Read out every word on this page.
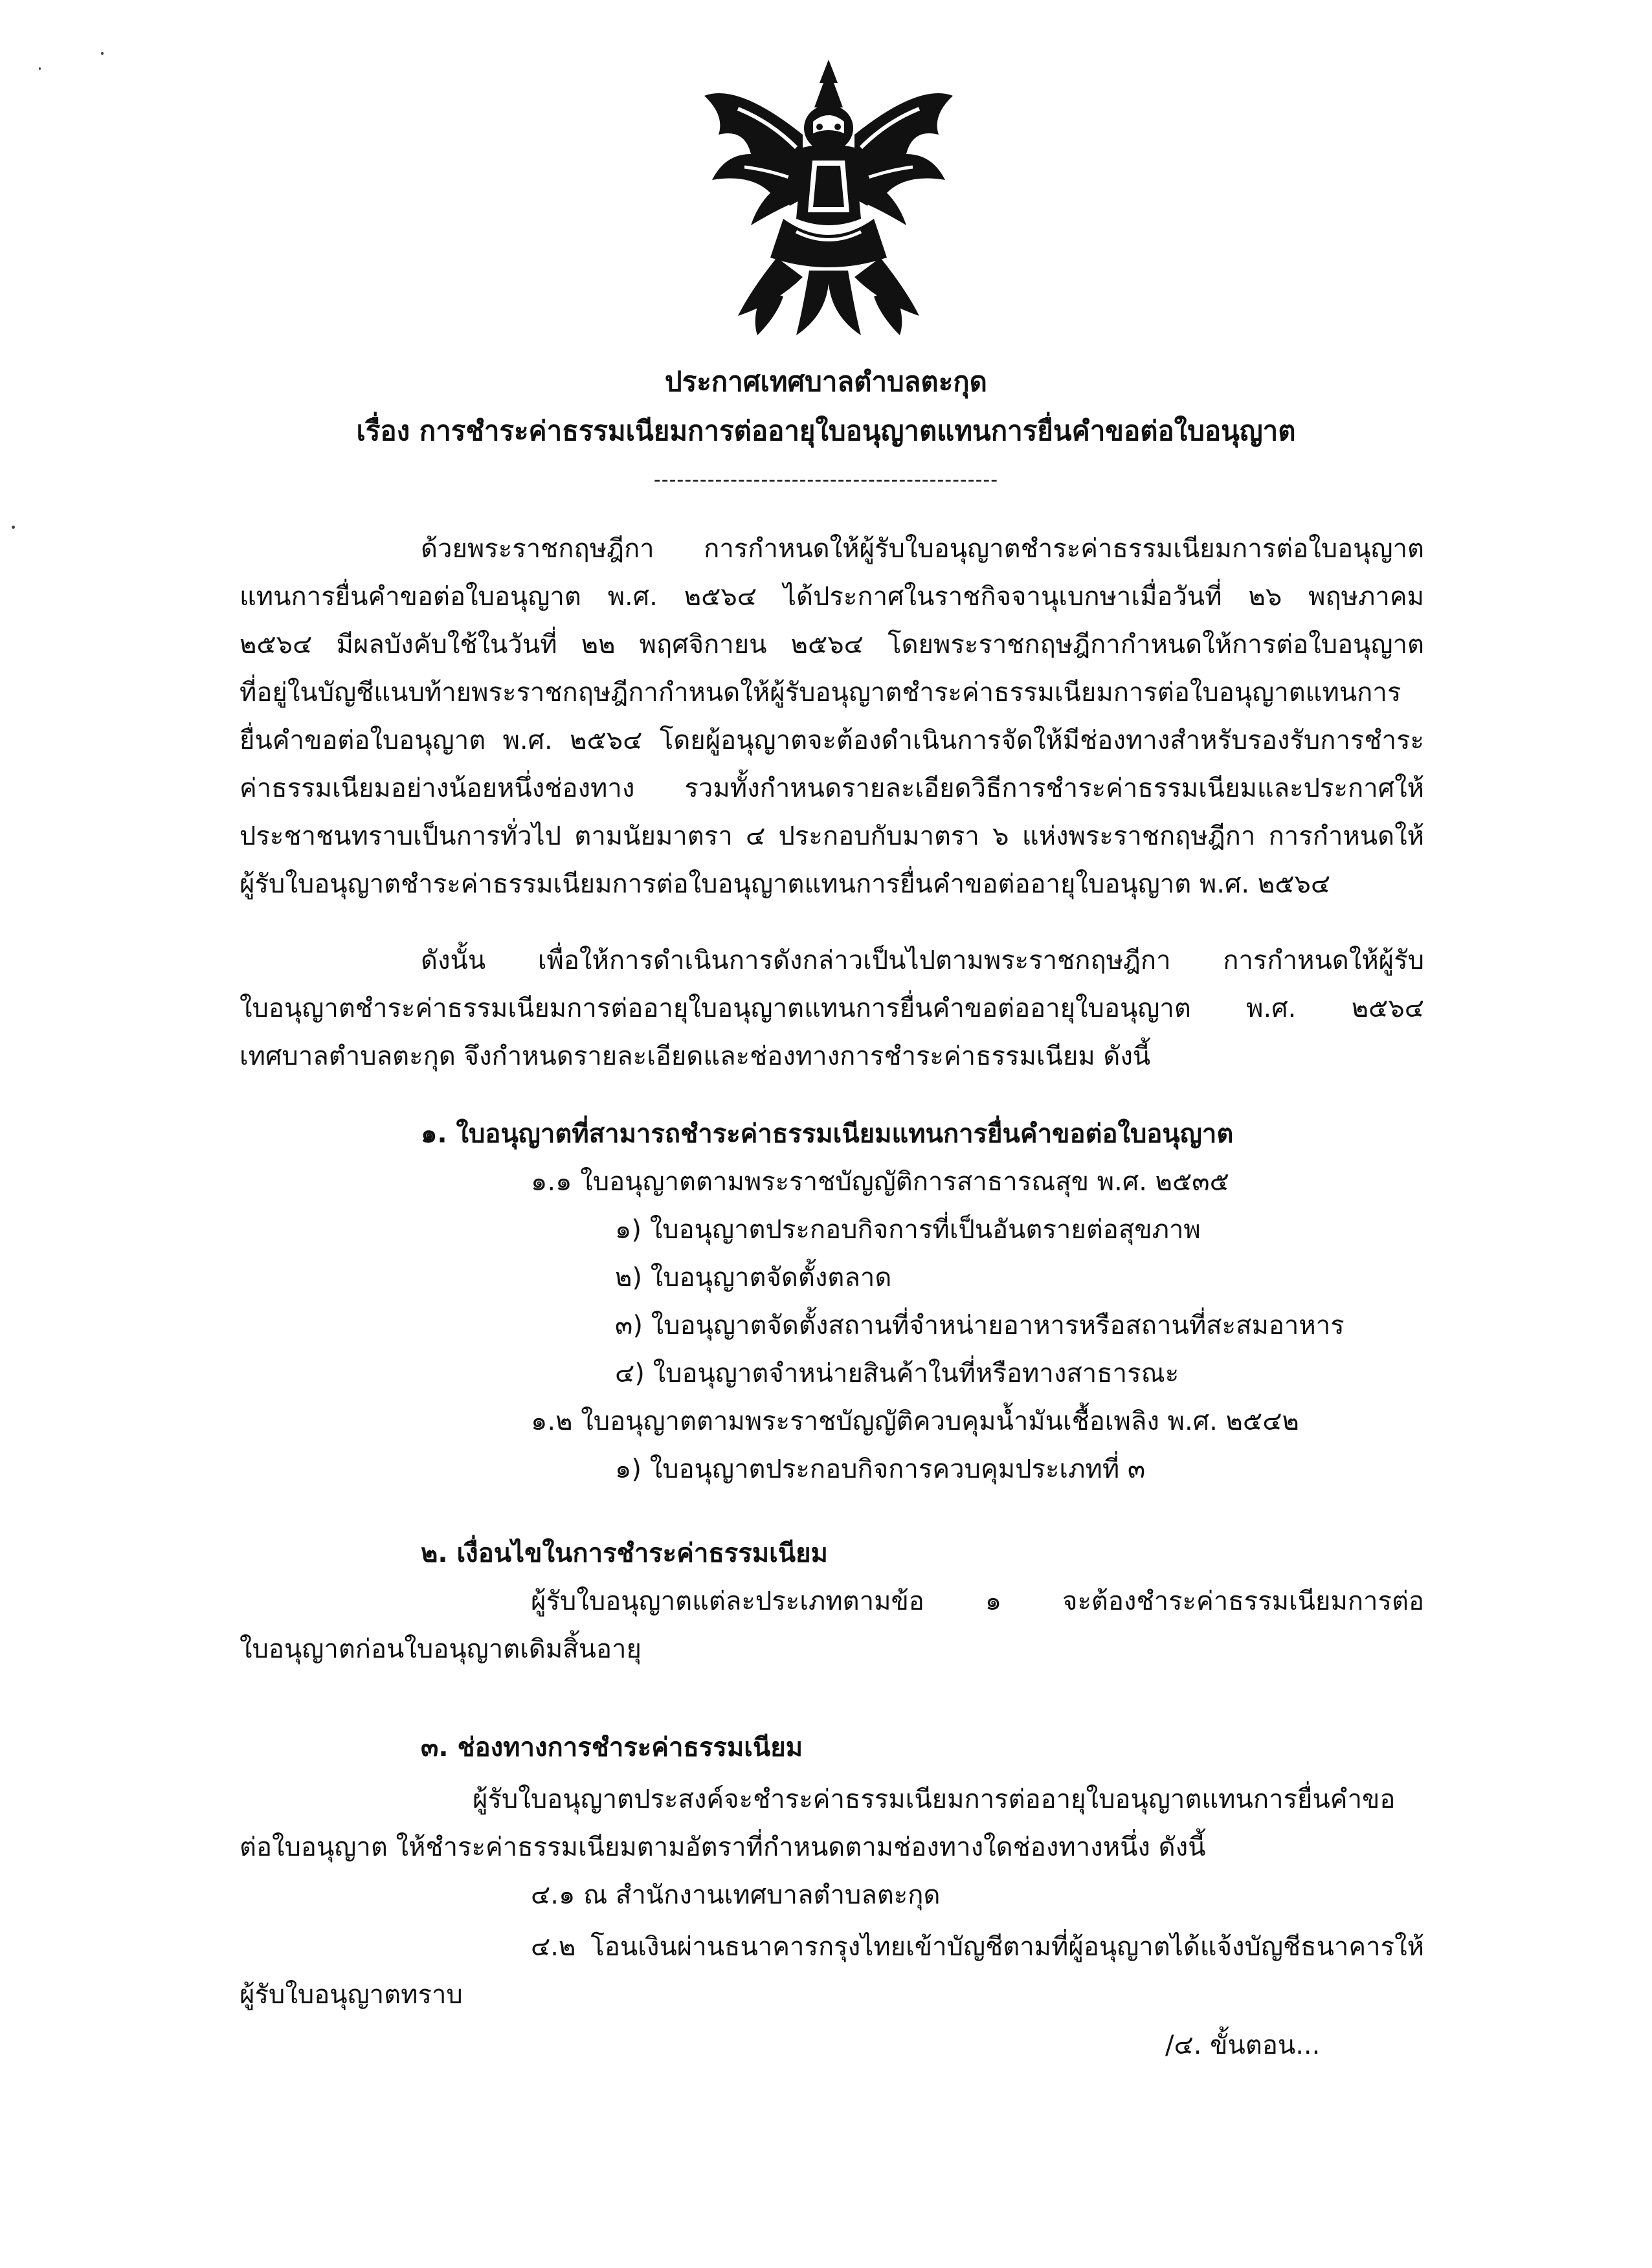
ประกาศเทศบาลตำบลตะกุด
เรื่อง การชำระค่าธรรมเนียมการต่ออายุใบอนุญาตแทนการยื่นคำขอต่อใบอนุญาต
---------------------------------------------
ด้วยพระราชกฤษฎีกา การกำหนดให้ผู้รับใบอนุญาตชำระค่าธรรมเนียมการต่อใบอนุญาต
แทนการยื่นคำขอต่อใบอนุญาต พ.ศ. ๒๕๖๔ ได้ประกาศในราชกิจจานุเบกษาเมื่อวันที่ ๒๖ พฤษภาคม
๒๕๖๔ มีผลบังคับใช้ในวันที่ ๒๒ พฤศจิกายน ๒๕๖๔ โดยพระราชกฤษฎีกากำหนดให้การต่อใบอนุญาต
ที่อยู่ในบัญชีแนบท้ายพระราชกฤษฎีกากำหนดให้ผู้รับอนุญาตชำระค่าธรรมเนียมการต่อใบอนุญาตแทนการ
ยื่นคำขอต่อใบอนุญาต พ.ศ. ๒๕๖๔ โดยผู้อนุญาตจะต้องดำเนินการจัดให้มีช่องทางสำหรับรองรับการชำระ
ค่าธรรมเนียมอย่างน้อยหนึ่งช่องทาง รวมทั้งกำหนดรายละเอียดวิธีการชำระค่าธรรมเนียมและประกาศให้
ประชาชนทราบเป็นการทั่วไป ตามนัยมาตรา ๔ ประกอบกับมาตรา ๖ แห่งพระราชกฤษฎีกา การกำหนดให้
ผู้รับใบอนุญาตชำระค่าธรรมเนียมการต่อใบอนุญาตแทนการยื่นคำขอต่ออายุใบอนุญาต พ.ศ. ๒๕๖๔
ดังนั้น เพื่อให้การดำเนินการดังกล่าวเป็นไปตามพระราชกฤษฎีกา การกำหนดให้ผู้รับ
ใบอนุญาตชำระค่าธรรมเนียมการต่ออายุใบอนุญาตแทนการยื่นคำขอต่ออายุใบอนุญาต พ.ศ. ๒๕๖๔
เทศบาลตำบลตะกุด จึงกำหนดรายละเอียดและช่องทางการชำระค่าธรรมเนียม ดังนี้
๑. ใบอนุญาตที่สามารถชำระค่าธรรมเนียมแทนการยื่นคำขอต่อใบอนุญาต
๑.๑ ใบอนุญาตตามพระราชบัญญัติการสาธารณสุข พ.ศ. ๒๕๓๕
๑) ใบอนุญาตประกอบกิจการที่เป็นอันตรายต่อสุขภาพ
๒) ใบอนุญาตจัดตั้งตลาด
๓) ใบอนุญาตจัดตั้งสถานที่จำหน่ายอาหารหรือสถานที่สะสมอาหาร
๔) ใบอนุญาตจำหน่ายสินค้าในที่หรือทางสาธารณะ
๑.๒ ใบอนุญาตตามพระราชบัญญัติควบคุมน้ำมันเชื้อเพลิง พ.ศ. ๒๕๔๒
๑) ใบอนุญาตประกอบกิจการควบคุมประเภทที่ ๓
๒. เงื่อนไขในการชำระค่าธรรมเนียม
ผู้รับใบอนุญาตแต่ละประเภทตามข้อ ๑ จะต้องชำระค่าธรรมเนียมการต่อ
ใบอนุญาตก่อนใบอนุญาตเดิมสิ้นอายุ
๓. ช่องทางการชำระค่าธรรมเนียม
ผู้รับใบอนุญาตประสงค์จะชำระค่าธรรมเนียมการต่ออายุใบอนุญาตแทนการยื่นคำขอ
ต่อใบอนุญาต ให้ชำระค่าธรรมเนียมตามอัตราที่กำหนดตามช่องทางใดช่องทางหนึ่ง ดังนี้
๔.๑ ณ สำนักงานเทศบาลตำบลตะกุด
๔.๒ โอนเงินผ่านธนาคารกรุงไทยเข้าบัญชีตามที่ผู้อนุญาตได้แจ้งบัญชีธนาคารให้
ผู้รับใบอนุญาตทราบ
/๔. ขั้นตอน...
